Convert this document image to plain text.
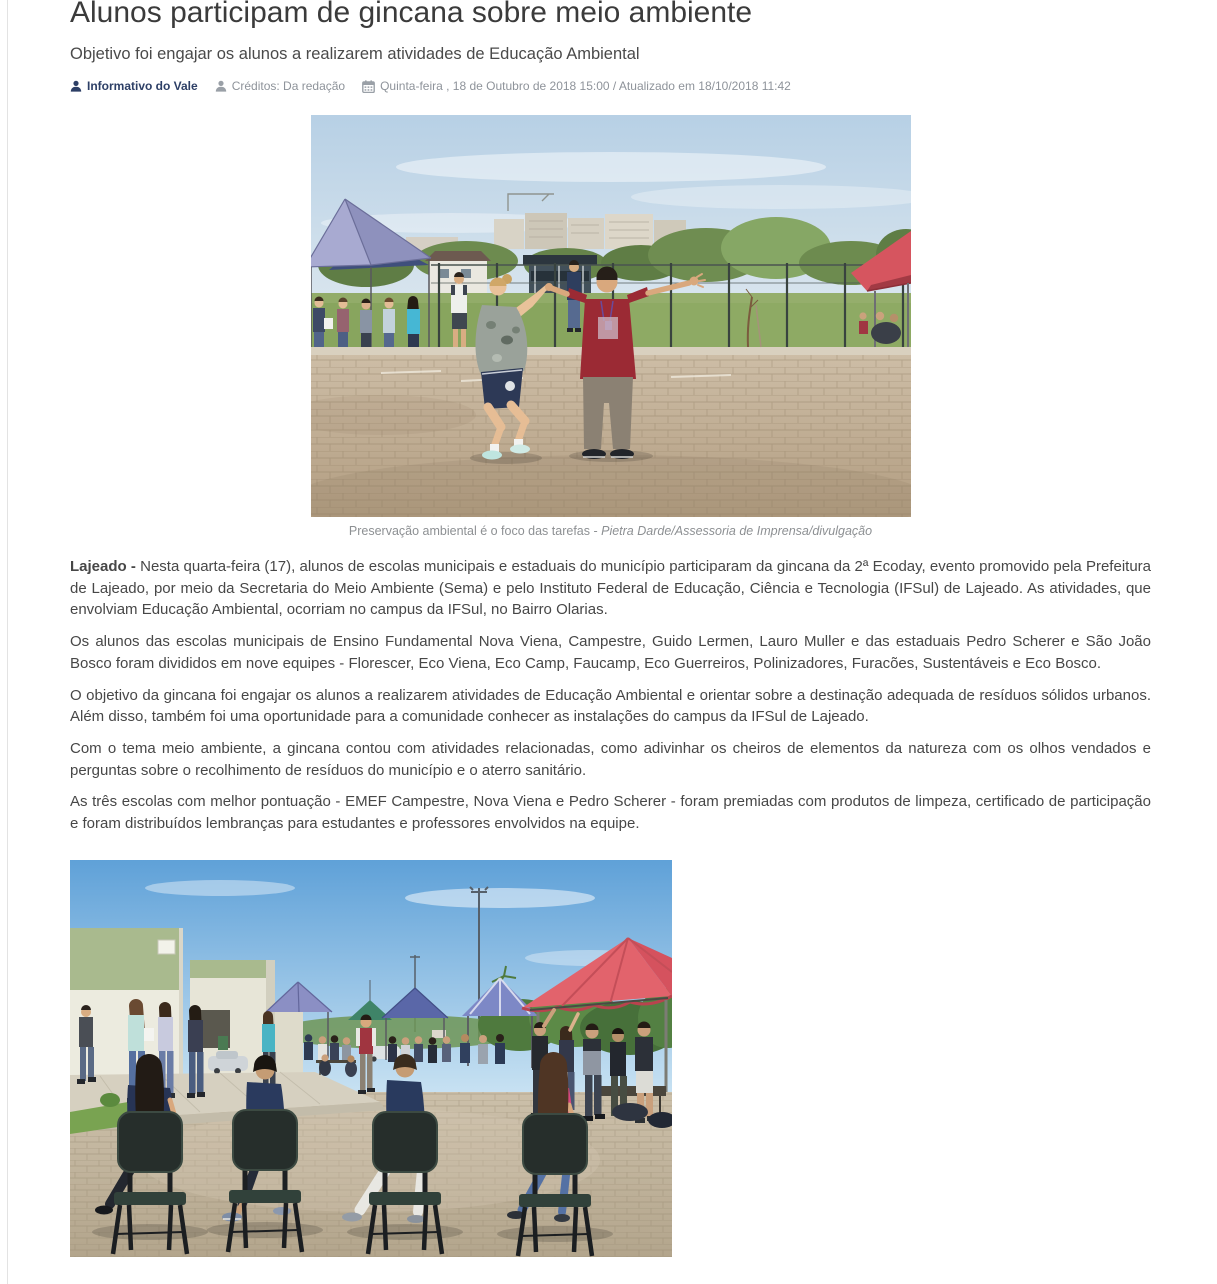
Alunos participam de gincana sobre meio ambiente
Objetivo foi engajar os alunos a realizarem atividades de Educação Ambiental
Informativo do Vale	Créditos: Da redação	Quinta-feira , 18 de Outubro de 2018 15:00 / Atualizado em 18/10/2018 11:42
Preservação ambiental é o foco das tarefas - Pietra Darde/Assessoria de Imprensa/divulgação

Lajeado - Nesta quarta-feira (17), alunos de escolas municipais e estaduais do município participaram da gincana da 2ª Ecoday, evento promovido pela Prefeitura de Lajeado, por meio da Secretaria do Meio Ambiente (Sema) e pelo Instituto Federal de Educação, Ciência e Tecnologia (IFSul) de Lajeado. As atividades, que envolviam Educação Ambiental, ocorriam no campus da IFSul, no Bairro Olarias.

Os alunos das escolas municipais de Ensino Fundamental Nova Viena, Campestre, Guido Lermen, Lauro Muller e das estaduais Pedro Scherer e São João Bosco foram divididos em nove equipes - Florescer, Eco Viena, Eco Camp, Faucamp, Eco Guerreiros, Polinizadores, Furacões, Sustentáveis e Eco Bosco.

O objetivo da gincana foi engajar os alunos a realizarem atividades de Educação Ambiental e orientar sobre a destinação adequada de resíduos sólidos urbanos. Além disso, também foi uma oportunidade para a comunidade conhecer as instalações do campus da IFSul de Lajeado.

Com o tema meio ambiente, a gincana contou com atividades relacionadas, como adivinhar os cheiros de elementos da natureza com os olhos vendados e perguntas sobre o recolhimento de resíduos do município e o aterro sanitário.

As três escolas com melhor pontuação - EMEF Campestre, Nova Viena e Pedro Scherer - foram premiadas com produtos de limpeza, certificado de participação e foram distribuídos lembranças para estudantes e professores envolvidos na equipe.
